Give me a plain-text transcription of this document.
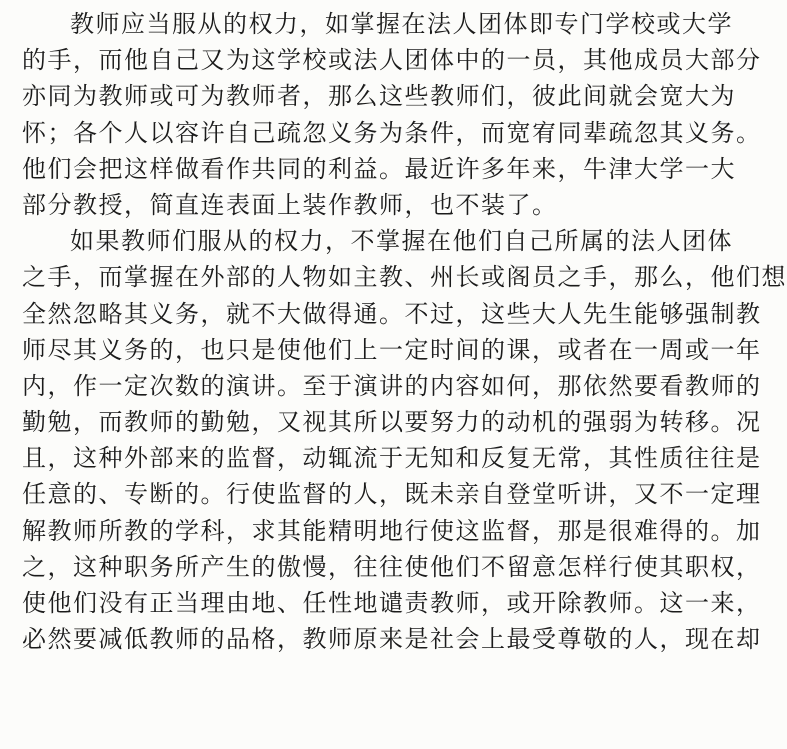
教师应当服从的权力，如掌握在法人团体即专门学校或大学
的手，而他自己又为这学校或法人团体中的一员，其他成员大部分
亦同为教师或可为教师者，那么这些教师们，彼此间就会宽大为
怀；各个人以容许自己疏忽义务为条件，而宽宥同辈疏忽其义务。
他们会把这样做看作共同的利益。最近许多年来，牛津大学一大
部分教授，简直连表面上装作教师，也不装了。
如果教师们服从的权力，不掌握在他们自己所属的法人团体
之手，而掌握在外部的人物如主教、州长或阁员之手，那么，他们想
全然忽略其义务，就不大做得通。不过，这些大人先生能够强制教
师尽其义务的，也只是使他们上一定时间的课，或者在一周或一年
内，作一定次数的演讲。至于演讲的内容如何，那依然要看教师的
勤勉，而教师的勤勉，又视其所以要努力的动机的强弱为转移。况
且，这种外部来的监督，动辄流于无知和反复无常，其性质往往是
任意的、专断的。行使监督的人，既未亲自登堂听讲，又不一定理
解教师所教的学科，求其能精明地行使这监督，那是很难得的。加
之，这种职务所产生的傲慢，往往使他们不留意怎样行使其职权，
使他们没有正当理由地、任性地谴责教师，或开除教师。这一来，
必然要减低教师的品格，教师原来是社会上最受尊敬的人，现在却
